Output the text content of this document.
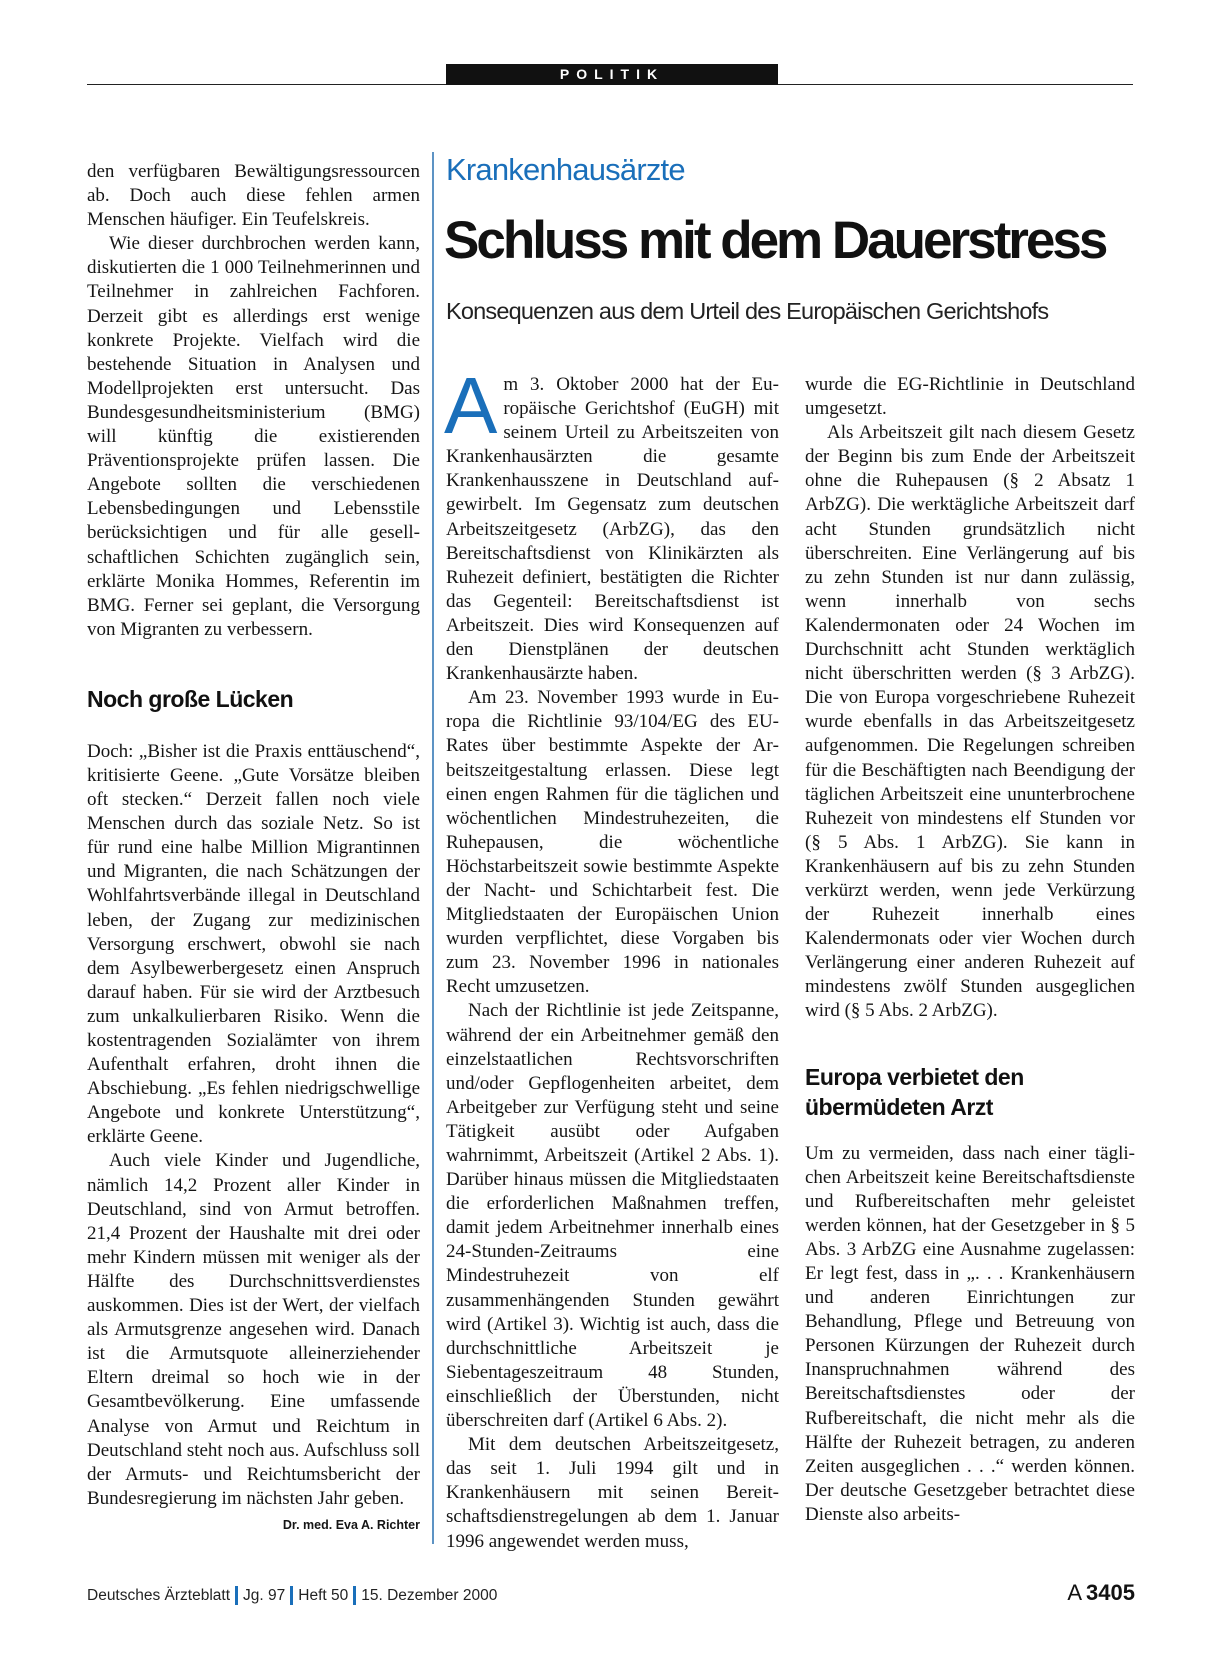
POLITIK

den verfügbaren Bewältigungsressourcen ab. Doch auch diese fehlen armen Menschen häufiger. Ein Teufelskreis.

Wie dieser durchbrochen werden kann, diskutierten die 1 000 Teilnehmerinnen und Teilnehmer in zahlreichen Fachforen. Derzeit gibt es allerdings erst wenige konkrete Projekte. Vielfach wird die bestehende Situation in Analysen und Modellprojekten erst untersucht. Das Bundesgesundheitsministerium (BMG) will künftig die existierenden Präventionsprojekte prüfen lassen. Die Angebote sollten die verschiedenen Lebensbedingungen und Lebensstile berücksichtigen und für alle gesellschaftlichen Schichten zugänglich sein, erklärte Monika Hommes, Referentin im BMG. Ferner sei geplant, die Versorgung von Migranten zu verbessern.

Noch große Lücken

Doch: „Bisher ist die Praxis enttäuschend“, kritisierte Geene. „Gute Vorsätze bleiben oft stecken.“ Derzeit fallen noch viele Menschen durch das soziale Netz. So ist für rund eine halbe Million Migrantinnen und Migranten, die nach Schätzungen der Wohlfahrtsverbände illegal in Deutschland leben, der Zugang zur medizinischen Versorgung erschwert, obwohl sie nach dem Asylbewerbergesetz einen Anspruch darauf haben. Für sie wird der Arztbesuch zum unkalkulierbaren Risiko. Wenn die kostentragenden Sozialämter von ihrem Aufenthalt erfahren, droht ihnen die Abschiebung. „Es fehlen niedrigschwellige Angebote und konkrete Unterstützung“, erklärte Geene.

Auch viele Kinder und Jugendliche, nämlich 14,2 Prozent aller Kinder in Deutschland, sind von Armut betroffen. 21,4 Prozent der Haushalte mit drei oder mehr Kindern müssen mit weniger als der Hälfte des Durchschnittsverdienstes auskommen. Dies ist der Wert, der vielfach als Armutsgrenze angesehen wird. Danach ist die Armutsquote alleinerziehender Eltern dreimal so hoch wie in der Gesamtbevölkerung. Eine umfassende Analyse von Armut und Reichtum in Deutschland steht noch aus. Aufschluss soll der Armuts- und Reichtumsbericht der Bundesregierung im nächsten Jahr geben.
Dr. med. Eva A. Richter

Krankenhausärzte
Schluss mit dem Dauerstress
Konsequenzen aus dem Urteil des Europäischen Gerichtshofs

Am 3. Oktober 2000 hat der Europäische Gerichtshof (EuGH) mit seinem Urteil zu Arbeitszeiten von Krankenhausärzten die gesamte Krankenhausszene in Deutschland aufgewirbelt. Im Gegensatz zum deutschen Arbeitszeitgesetz (ArbZG), das den Bereitschaftsdienst von Klinikärzten als Ruhezeit definiert, bestätigten die Richter das Gegenteil: Bereitschaftsdienst ist Arbeitszeit. Dies wird Konsequenzen auf den Dienstplänen der deutschen Krankenhausärzte haben.

Am 23. November 1993 wurde in Europa die Richtlinie 93/104/EG des EU-Rates über bestimmte Aspekte der Arbeitszeitgestaltung erlassen. Diese legt einen engen Rahmen für die täglichen und wöchentlichen Mindestruhezeiten, die Ruhepausen, die wöchentliche Höchstarbeitszeit sowie bestimmte Aspekte der Nacht- und Schichtarbeit fest. Die Mitgliedstaaten der Europäischen Union wurden verpflichtet, diese Vorgaben bis zum 23. November 1996 in nationales Recht umzusetzen.

Nach der Richtlinie ist jede Zeitspanne, während der ein Arbeitnehmer gemäß den einzelstaatlichen Rechtsvorschriften und/oder Gepflogenheiten arbeitet, dem Arbeitgeber zur Verfügung steht und seine Tätigkeit ausübt oder Aufgaben wahrnimmt, Arbeitszeit (Artikel 2 Abs. 1). Darüber hinaus müssen die Mitgliedstaaten die erforderlichen Maßnahmen treffen, damit jedem Arbeitnehmer innerhalb eines 24-Stunden-Zeitraums eine Mindestruhezeit von elf zusammenhängenden Stunden gewährt wird (Artikel 3). Wichtig ist auch, dass die durchschnittliche Arbeitszeit je Siebentageszeitraum 48 Stunden, einschließlich der Überstunden, nicht überschreiten darf (Artikel 6 Abs. 2).

Mit dem deutschen Arbeitszeitgesetz, das seit 1. Juli 1994 gilt und in Krankenhäusern mit seinen Bereitschaftsdienstregelungen ab dem 1. Januar 1996 angewendet werden muss,

wurde die EG-Richtlinie in Deutschland umgesetzt.

Als Arbeitszeit gilt nach diesem Gesetz der Beginn bis zum Ende der Arbeitszeit ohne die Ruhepausen (§ 2 Absatz 1 ArbZG). Die werktägliche Arbeitszeit darf acht Stunden grundsätzlich nicht überschreiten. Eine Verlängerung auf bis zu zehn Stunden ist nur dann zulässig, wenn innerhalb von sechs Kalendermonaten oder 24 Wochen im Durchschnitt acht Stunden werktäglich nicht überschritten werden (§ 3 ArbZG). Die von Europa vorgeschriebene Ruhezeit wurde ebenfalls in das Arbeitszeitgesetz aufgenommen. Die Regelungen schreiben für die Beschäftigten nach Beendigung der täglichen Arbeitszeit eine ununterbrochene Ruhezeit von mindestens elf Stunden vor (§ 5 Abs. 1 ArbZG). Sie kann in Krankenhäusern auf bis zu zehn Stunden verkürzt werden, wenn jede Verkürzung der Ruhezeit innerhalb eines Kalendermonats oder vier Wochen durch Verlängerung einer anderen Ruhezeit auf mindestens zwölf Stunden ausgeglichen wird (§ 5 Abs. 2 ArbZG).

Europa verbietet den
übermüdeten Arzt

Um zu vermeiden, dass nach einer täglichen Arbeitszeit keine Bereitschaftsdienste und Rufbereitschaften mehr geleistet werden können, hat der Gesetzgeber in § 5 Abs. 3 ArbZG eine Ausnahme zugelassen: Er legt fest, dass in „. . . Krankenhäusern und anderen Einrichtungen zur Behandlung, Pflege und Betreuung von Personen Kürzungen der Ruhezeit durch Inanspruchnahmen während des Bereitschaftsdienstes oder der Rufbereitschaft, die nicht mehr als die Hälfte der Ruhezeit betragen, zu anderen Zeiten ausgeglichen . . .“ werden können. Der deutsche Gesetzgeber betrachtet diese Dienste also arbeits-

Deutsches Ärzteblatt Jg. 97 Heft 50 15. Dezember 2000	A 3405
